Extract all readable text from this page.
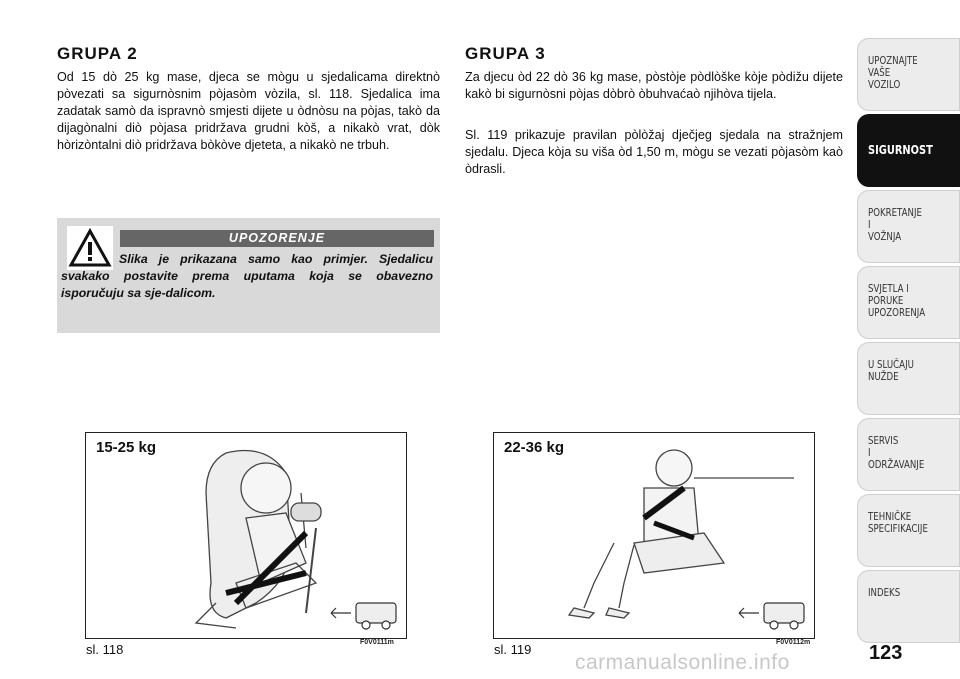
GRUPA 2

Od 15 dò 25 kg mase, djeca se mògu u sjedalicama direktnò pòvezati sa sigurnòsnim pòjasòm vòzila, sl. 118. Sjedalica ima zadatak samò da ispravnò smjesti dijete u òdnòsu na pòjas, takò da dijagònalni diò pòjasa pridržava grudni kòš, a nikakò vrat, dòk hòrizòntalni diò pridržava bòkòve djeteta, a nikakò ne trbuh.

UPOZORENJE

Slika je prikazana samo kao primjer. Sjedalicu svakako postavite prema uputama koja se obavezno isporučuju sa sje-dalicom.

GRUPA 3

Za djecu òd 22 dò 36 kg mase, pòstòje pòdlòške kòje pòdižu dijete kakò bi sigurnòsni pòjas dòbrò òbuhvaćaò njihòva tijela.

Sl. 119 prikazuje pravilan pòlòžaj dječjeg sjedala na stražnjem sjedalu. Djeca kòja su viša òd 1,50 m, mògu se vezati pòjasòm kaò òdrasli.

15-25 kg
F0V0111m
sl. 118
22-36 kg
F0V0112m
sl. 119
UPOZNAJTE
VAŠE
VOZILO
SIGURNOST
POKRETANJE
I
VOŽNJA
SVJETLA I
PORUKE
UPOZORENJA
U SLUČAJU
NUŽDE
SERVIS
I
ODRŽAVANJE
TEHNIČKE
SPECIFIKACIJE
INDEKS
123
carmanualsonline.info
